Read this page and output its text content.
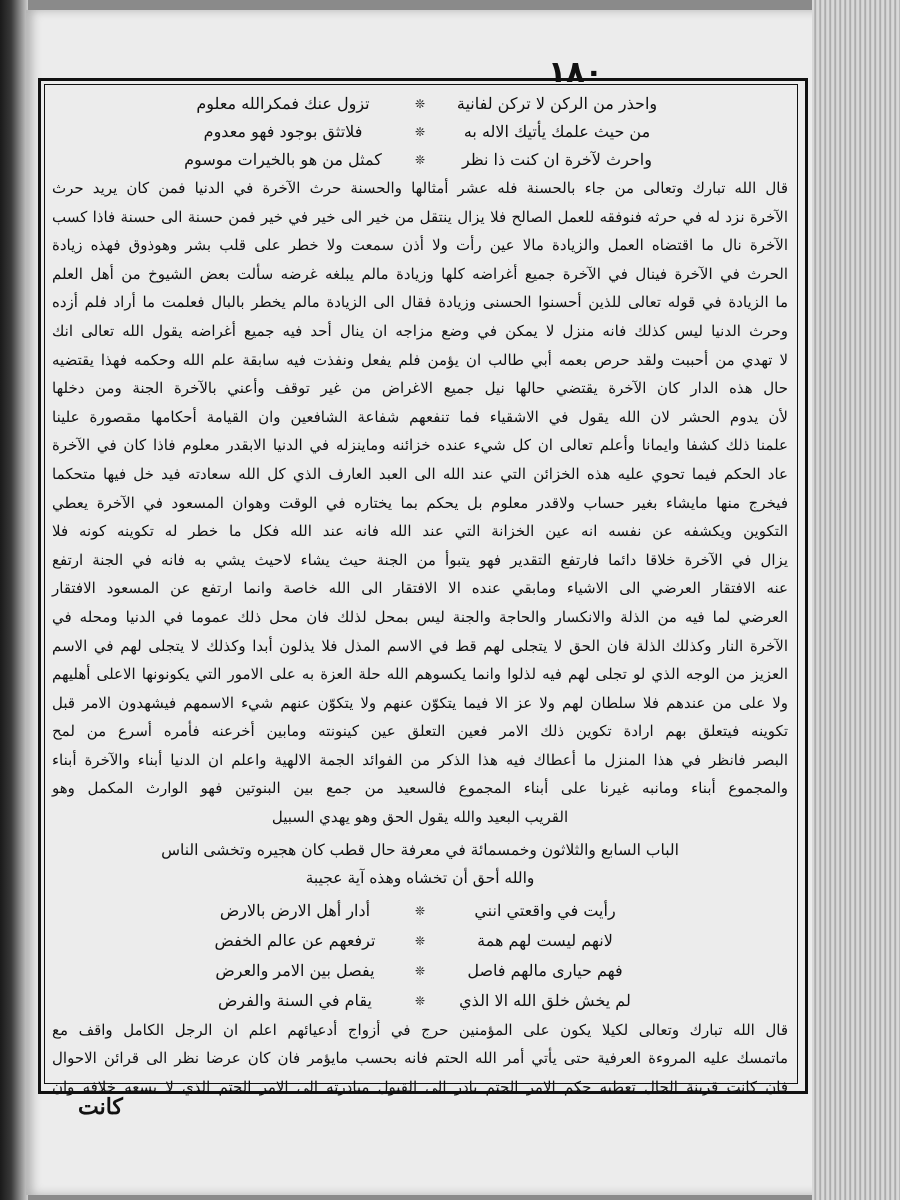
١٨٠
واحذر من الركن لا تركن لفانية
❊
تزول عنك فمكرالله معلوم
من حيث علمك يأتيك الاله به
❊
فلاتثق بوجود فهو معدوم
واحرث لآخرة ان كنت ذا نظر
❊
كمثل من هو بالخيرات موسوم

قال الله تبارك وتعالى من جاء بالحسنة فله عشر أمثالها والحسنة حرث الآخرة في الدنيا فمن كان يريد حرث

الآخرة نزد له في حرثه فنوفقه للعمل الصالح فلا يزال ينتقل من خير الى خير في خير فمن حسنة الى حسنة فاذا كسب

الآخرة نال ما اقتضاه العمل والزيادة مالا عين رأت ولا أذن سمعت ولا خطر على قلب بشر وهوذوق فهذه زيادة

الحرث في الآخرة فينال في الآخرة جميع أغراضه كلها وزيادة مالم يبلغه غرضه سألت بعض الشيوخ من أهل العلم

ما الزيادة في قوله تعالى للذين أحسنوا الحسنى وزيادة فقال الى الزيادة مالم يخطر بالبال فعلمت ما أراد فلم أزده

وحرث الدنيا ليس كذلك فانه منزل لا يمكن في وضع مزاجه ان ينال أحد فيه جميع أغراضه يقول الله تعالى انك

لا تهدي من أحببت ولقد حرص بعمه أبي طالب ان يؤمن فلم يفعل ونفذت فيه سابقة علم الله وحكمه فهذا يقتضيه

حال هذه الدار كان الآخرة يقتضي حالها نيل جميع الاغراض من غير توقف وأعني بالآخرة الجنة ومن دخلها

لأن يدوم الحشر لان الله يقول في الاشقياء فما تنفعهم شفاعة الشافعين وان القيامة أحكامها مقصورة علينا

علمنا ذلك كشفا وايمانا وأعلم تعالى ان كل شيء عنده خزائنه وماينزله في الدنيا الابقدر معلوم فاذا كان في الآخرة

عاد الحكم فيما تحوي عليه هذه الخزائن التي عند الله الى العبد العارف الذي كل الله سعادته فيد خل فيها متحكما

فيخرج منها مايشاء بغير حساب ولاقدر معلوم بل يحكم بما يختاره في الوقت وهوان المسعود في الآخرة يعطي

التكوين ويكشفه عن نفسه انه عين الخزانة التي عند الله فانه عند الله فكل ما خطر له تكوينه كونه فلا

يزال في الآخرة خلاقا دائما فارتفع التقدير فهو يتبوأ من الجنة حيث يشاء لاحيث يشي به فانه في الجنة ارتفع

عنه الافتقار العرضي الى الاشياء ومابقي عنده الا الافتقار الى الله خاصة وانما ارتفع عن المسعود الافتقار

العرضي لما فيه من الذلة والانكسار والحاجة والجنة ليس بمحل لذلك فان محل ذلك عموما في الدنيا ومحله في

الآخرة النار وكذلك الذلة فان الحق لا يتجلى لهم قط في الاسم المذل فلا يذلون أبدا وكذلك لا يتجلى لهم في الاسم

العزيز من الوجه الذي لو تجلى لهم فيه لذلوا وانما يكسوهم الله حلة العزة به على الامور التي يكونونها الاعلى أهليهم

ولا على من عندهم فلا سلطان لهم ولا عز الا فيما يتكوّن عنهم ولا يتكوّن عنهم شيء الاسمهم فيشهدون الامر قبل

تكوينه فيتعلق بهم ارادة تكوين ذلك الامر فعين التعلق عين كينونته ومابين أخرعنه فأمره أسرع من لمح

البصر فانظر في هذا المنزل ما أعطاك فيه هذا الذكر من الفوائد الجمة الالهية واعلم ان الدنيا أبناء والآخرة أبناء

والمجموع أبناء ومانبه غيرنا على أبناء المجموع فالسعيد من جمع بين البنوتين فهو الوارث المكمل وهو

القريب البعيد والله يقول الحق وهو يهدي السبيل

الباب السابع والثلاثون وخمسمائة في معرفة حال قطب كان هجيره وتخشى الناس
والله أحق أن تخشاه وهذه آية عجيبة
رأيت في واقعتي انني
❊
أدار أهل الارض بالارض
لانهم ليست لهم همة
❊
ترفعهم عن عالم الخفض
فهم حيارى مالهم فاصل
❊
يفصل بين الامر والعرض
لم يخش خلق الله الا الذي
❊
يقام في السنة والفرض

قال الله تبارك وتعالى لكيلا يكون على المؤمنين حرج في أزواج أدعيائهم اعلم ان الرجل الكامل واقف مع

ماتمسك عليه المروءة العرفية حتى يأتي أمر الله الحتم فانه بحسب مايؤمر فان كان عرضا نظر الى قرائن الاحوال

فان كانت قرينة الحال تعطيه حكم الامر الحتم بادر الى القبول مبادرته الى الامر الحتم الذي لا يسعه خلافه وان

كانت
